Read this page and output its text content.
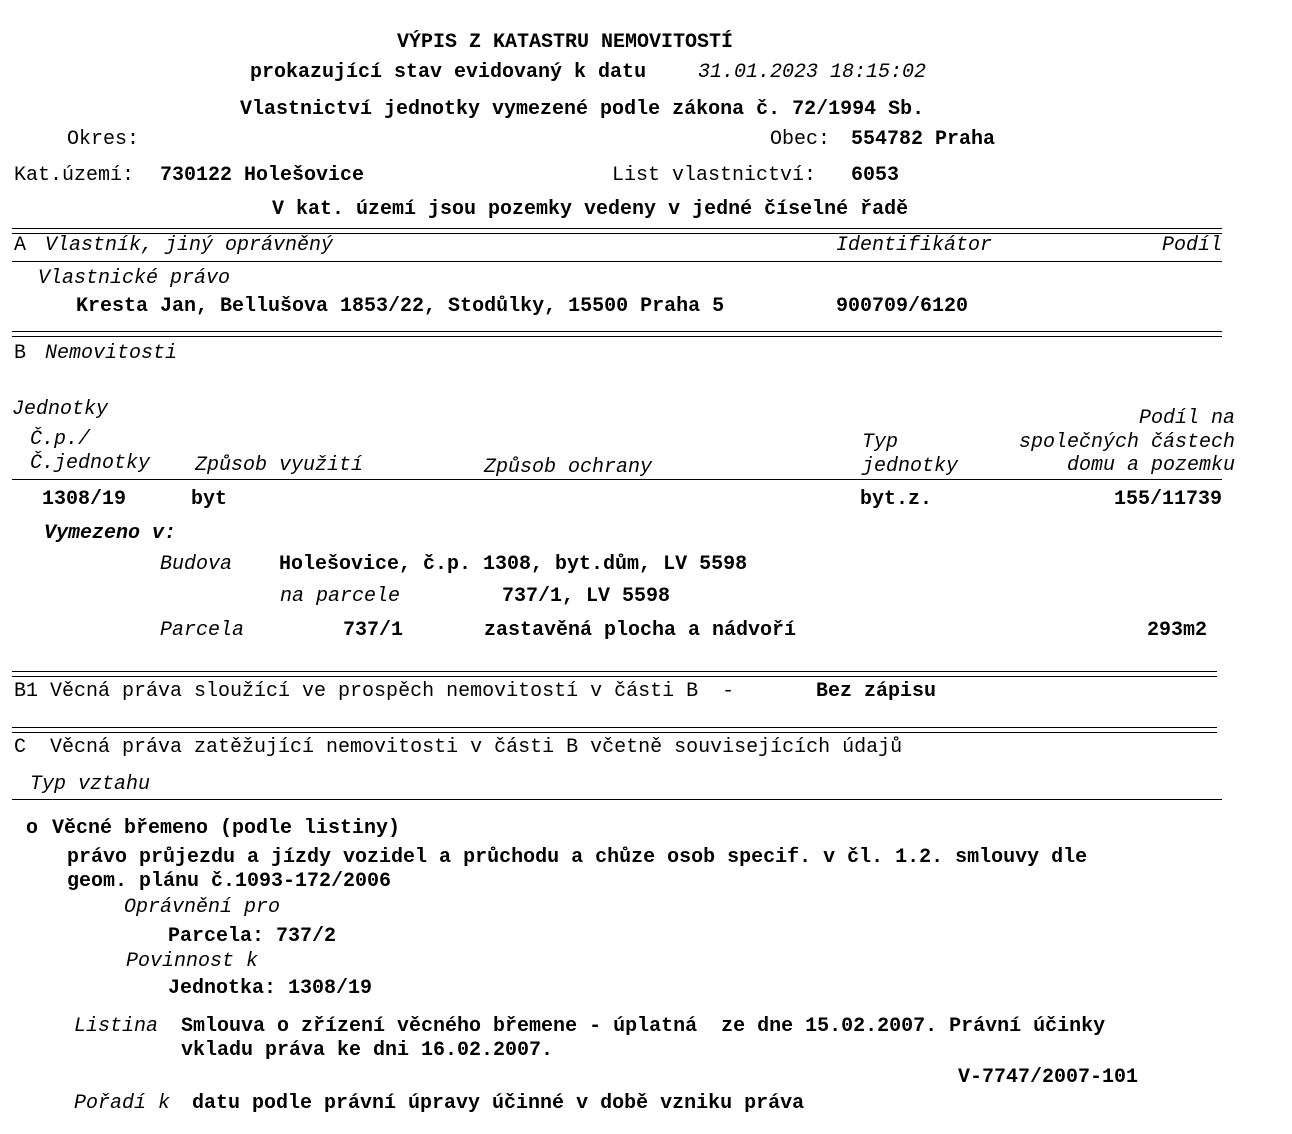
VÝPIS Z KATASTRU NEMOVITOSTÍ
prokazující stav evidovaný k datu	31.01.2023 18:15:02
Vlastnictví jednotky vymezené podle zákona č. 72/1994 Sb.
Okres:	Obec: 554782 Praha
Kat.území: 730122 Holešovice	List vlastnictví: 6053
V kat. území jsou pozemky vedeny v jedné číselné řadě
A Vlastník, jiný oprávněný	Identifikátor	Podíl
Vlastnické právo
Kresta Jan, Bellušova 1853/22, Stodůlky, 15500 Praha 5	900709/6120
B Nemovitosti
Jednotky
Č.p./
Č.jednotky Způsob využití	Způsob ochrany
Typ
jednotky
Podíl na
společných částech
domu a pozemku
1308/19	byt	byt.z.	155/11739
Vymezeno v:
Budova Holešovice, č.p. 1308, byt.dům, LV 5598
na parcele	737/1, LV 5598
Parcela	737/1	zastavěná plocha a nádvoří	293m2
B1 Věcná práva sloužící ve prospěch nemovitostí v části B  -	Bez zápisu
C  Věcná práva zatěžující nemovitosti v části B včetně souvisejících údajů
Typ vztahu
o Věcné břemeno (podle listiny)
právo průjezdu a jízdy vozidel a průchodu a chůze osob specif. v čl. 1.2. smlouvy dle
geom. plánu č.1093-172/2006
Oprávnění pro
Parcela: 737/2
Povinnost k
Jednotka: 1308/19
Listina Smlouva o zřízení věcného břemene - úplatná  ze dne 15.02.2007. Právní účinky
vkladu práva ke dni 16.02.2007.
V-7747/2007-101
Pořadí k datu podle právní úpravy účinné v době vzniku práva
